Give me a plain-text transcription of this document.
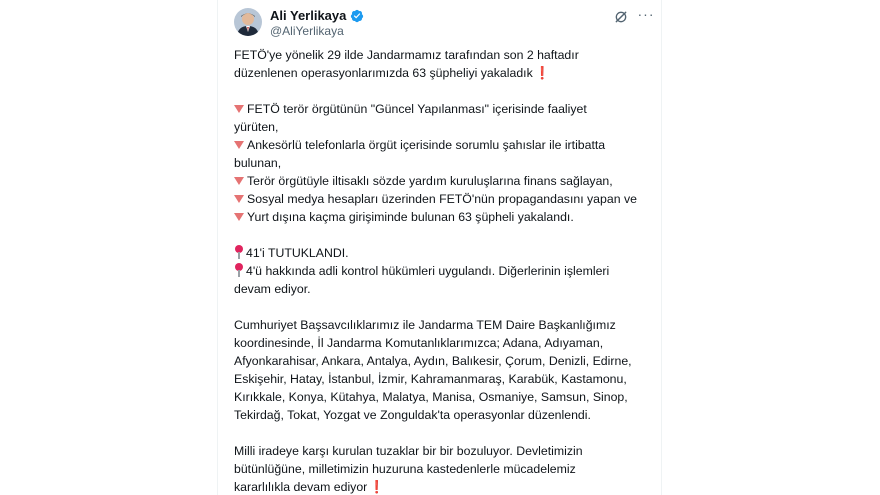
Ali Yerlikaya
@AliYerlikaya
···
FETÖ'ye yönelik 29 ilde Jandarmamız tarafından son 2 haftadır
düzenlenen operasyonlarımızda 63 şüpheliyi yakaladık ❗
FETÖ terör örgütünün "Güncel Yapılanması" içerisinde faaliyet
yürüten,
Ankesörlü telefonlarla örgüt içerisinde sorumlu şahıslar ile irtibatta
bulunan,
Terör örgütüyle iltisaklı sözde yardım kuruluşlarına finans sağlayan,
Sosyal medya hesapları üzerinden FETÖ'nün propagandasını yapan ve
Yurt dışına kaçma girişiminde bulunan 63 şüpheli yakalandı.
41'i TUTUKLANDI.
4'ü hakkında adli kontrol hükümleri uygulandı. Diğerlerinin işlemleri
devam ediyor.
Cumhuriyet Başsavcılıklarımız ile Jandarma TEM Daire Başkanlığımız
koordinesinde, İl Jandarma Komutanlıklarımızca; Adana, Adıyaman,
Afyonkarahisar, Ankara, Antalya, Aydın, Balıkesir, Çorum, Denizli, Edirne,
Eskişehir, Hatay, İstanbul, İzmir, Kahramanmaraş, Karabük, Kastamonu,
Kırıkkale, Konya, Kütahya, Malatya, Manisa, Osmaniye, Samsun, Sinop,
Tekirdağ, Tokat, Yozgat ve Zonguldak'ta operasyonlar düzenlendi.
Milli iradeye karşı kurulan tuzaklar bir bir bozuluyor. Devletimizin
bütünlüğüne, milletimizin huzuruna kastedenlerle mücadelemiz
kararlılıkla devam ediyor ❗
